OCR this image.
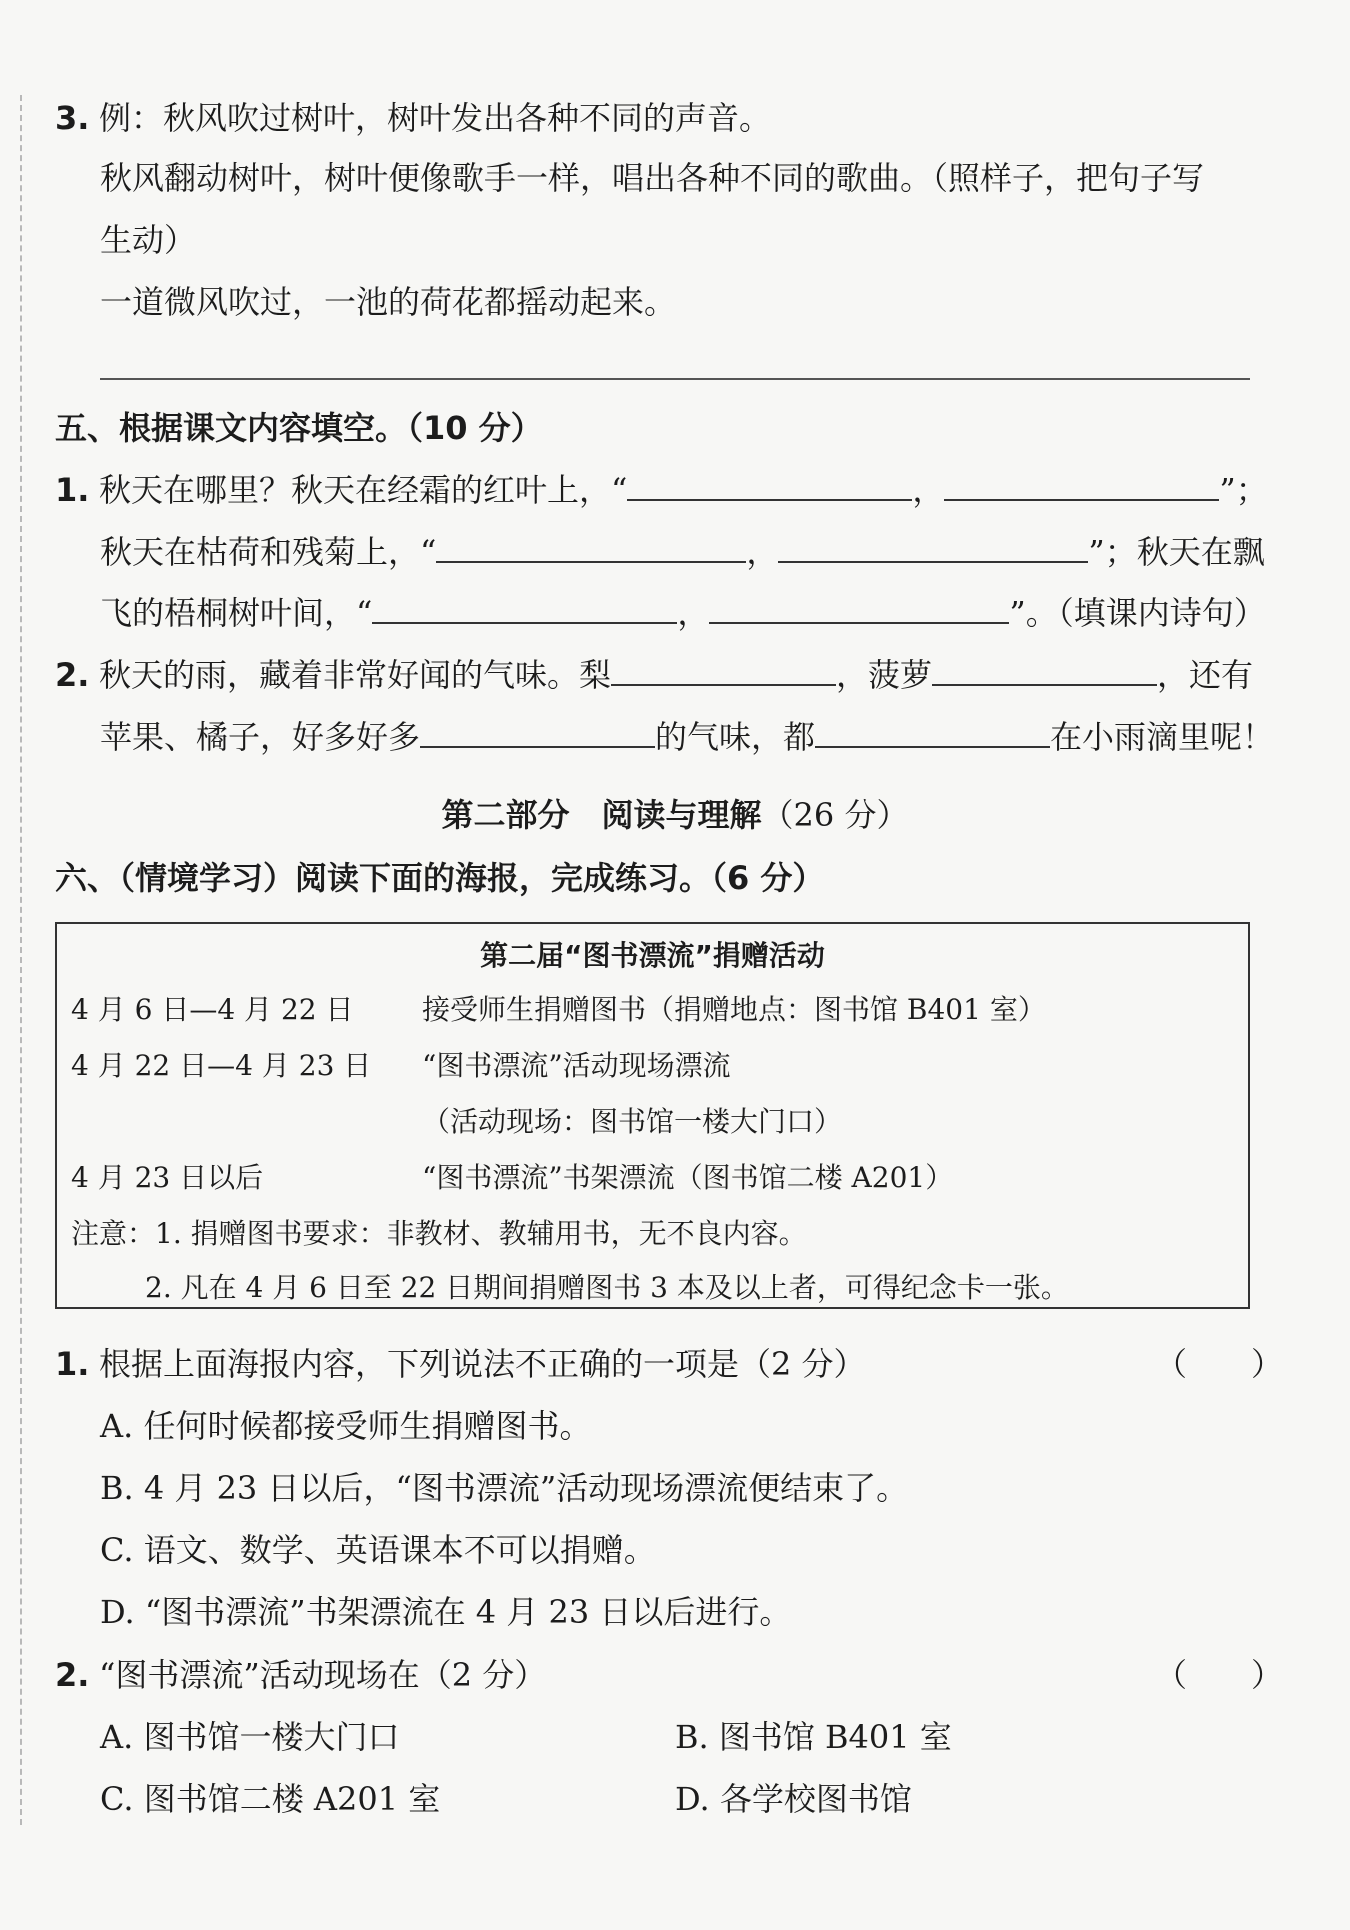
3. 例：秋风吹过树叶，树叶发出各种不同的声音。
秋风翻动树叶，树叶便像歌手一样，唱出各种不同的歌曲。（照样子，把句子写
生动）
一道微风吹过，一池的荷花都摇动起来。
五、根据课文内容填空。（10 分）
1. 秋天在哪里？秋天在经霜的红叶上，“	，	”；
秋天在枯荷和残菊上，“	，	”；秋天在飘
飞的梧桐树叶间，“	，	”。（填课内诗句）
2. 秋天的雨，藏着非常好闻的气味。梨	，菠萝	，还有
苹果、橘子，好多好多	的气味，都	在小雨滴里呢！
第二部分　阅读与理解（26 分）
六、（情境学习）阅读下面的海报，完成练习。（6 分）
第二届“图书漂流”捐赠活动
4 月 6 日—4 月 22 日 接受师生捐赠图书（捐赠地点：图书馆 B401 室）
4 月 22 日—4 月 23 日 “图书漂流”活动现场漂流
（活动现场：图书馆一楼大门口）
4 月 23 日以后	“图书漂流”书架漂流（图书馆二楼 A201）
注意：1. 捐赠图书要求：非教材、教辅用书，无不良内容。
2. 凡在 4 月 6 日至 22 日期间捐赠图书 3 本及以上者，可得纪念卡一张。
1. 根据上面海报内容，下列说法不正确的一项是（2 分）	（　　）
A. 任何时候都接受师生捐赠图书。
B. 4 月 23 日以后，“图书漂流”活动现场漂流便结束了。
C. 语文、数学、英语课本不可以捐赠。
D. “图书漂流”书架漂流在 4 月 23 日以后进行。
2. “图书漂流”活动现场在（2 分）	（　　）
A. 图书馆一楼大门口	B. 图书馆 B401 室
C. 图书馆二楼 A201 室	D. 各学校图书馆
